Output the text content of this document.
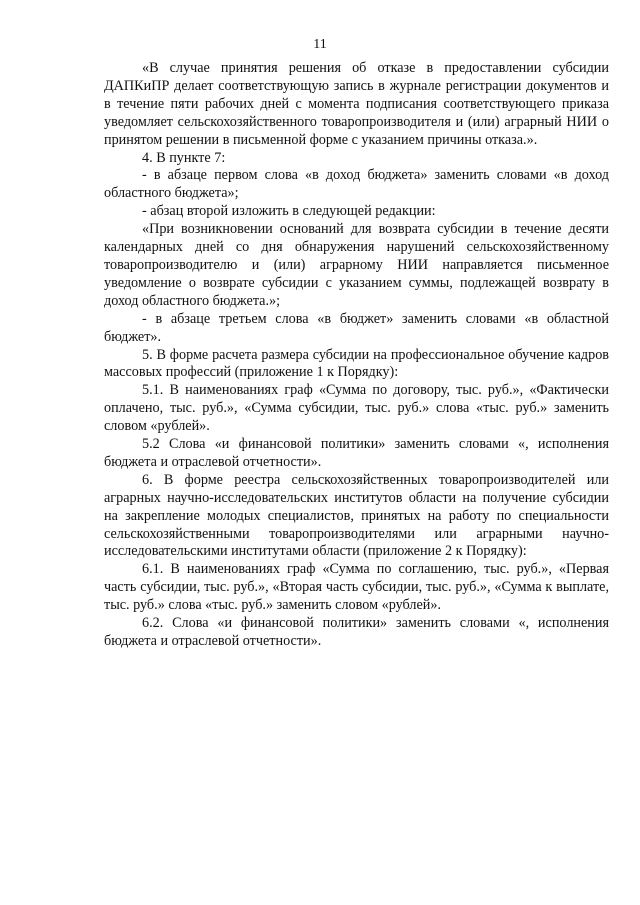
11

«В случае принятия решения об отказе в предоставлении субсидии ДАПКиПР делает соответствующую запись в журнале регистрации документов и в течение пяти рабочих дней с момента подписания соответствующего приказа уведомляет сельскохозяйственного товаропроизводителя и (или) аграрный НИИ о принятом решении в письменной форме с указанием причины отказа.».

4. В пункте 7:

- в абзаце первом слова «в доход бюджета» заменить словами «в доход областного бюджета»;

- абзац второй изложить в следующей редакции:

«При возникновении оснований для возврата субсидии в течение десяти календарных дней со дня обнаружения нарушений сельскохозяйственному товаропроизводителю и (или) аграрному НИИ направляется письменное уведомление о возврате субсидии с указанием суммы, подлежащей возврату в доход областного бюджета.»;

- в абзаце третьем слова «в бюджет» заменить словами «в областной бюджет».

5. В форме расчета размера субсидии на профессиональное обучение кадров массовых профессий (приложение 1 к Порядку):

5.1. В наименованиях граф «Сумма по договору, тыс. руб.», «Фактически оплачено, тыс. руб.», «Сумма субсидии, тыс. руб.» слова «тыс. руб.» заменить словом «рублей».

5.2 Слова «и финансовой политики» заменить словами «, исполнения бюджета и отраслевой отчетности».

6. В форме реестра сельскохозяйственных товаропроизводителей или аграрных научно-исследовательских институтов области на получение субсидии на закрепление молодых специалистов, принятых на работу по специальности сельскохозяйственными товаропроизводителями или аграрными научно-исследовательскими институтами области (приложение 2 к Порядку):

6.1. В наименованиях граф «Сумма по соглашению, тыс. руб.», «Первая часть субсидии, тыс. руб.», «Вторая часть субсидии, тыс. руб.», «Сумма к выплате, тыс. руб.» слова «тыс. руб.» заменить словом «рублей».

6.2. Слова «и финансовой политики» заменить словами «, исполнения бюджета и отраслевой отчетности».
